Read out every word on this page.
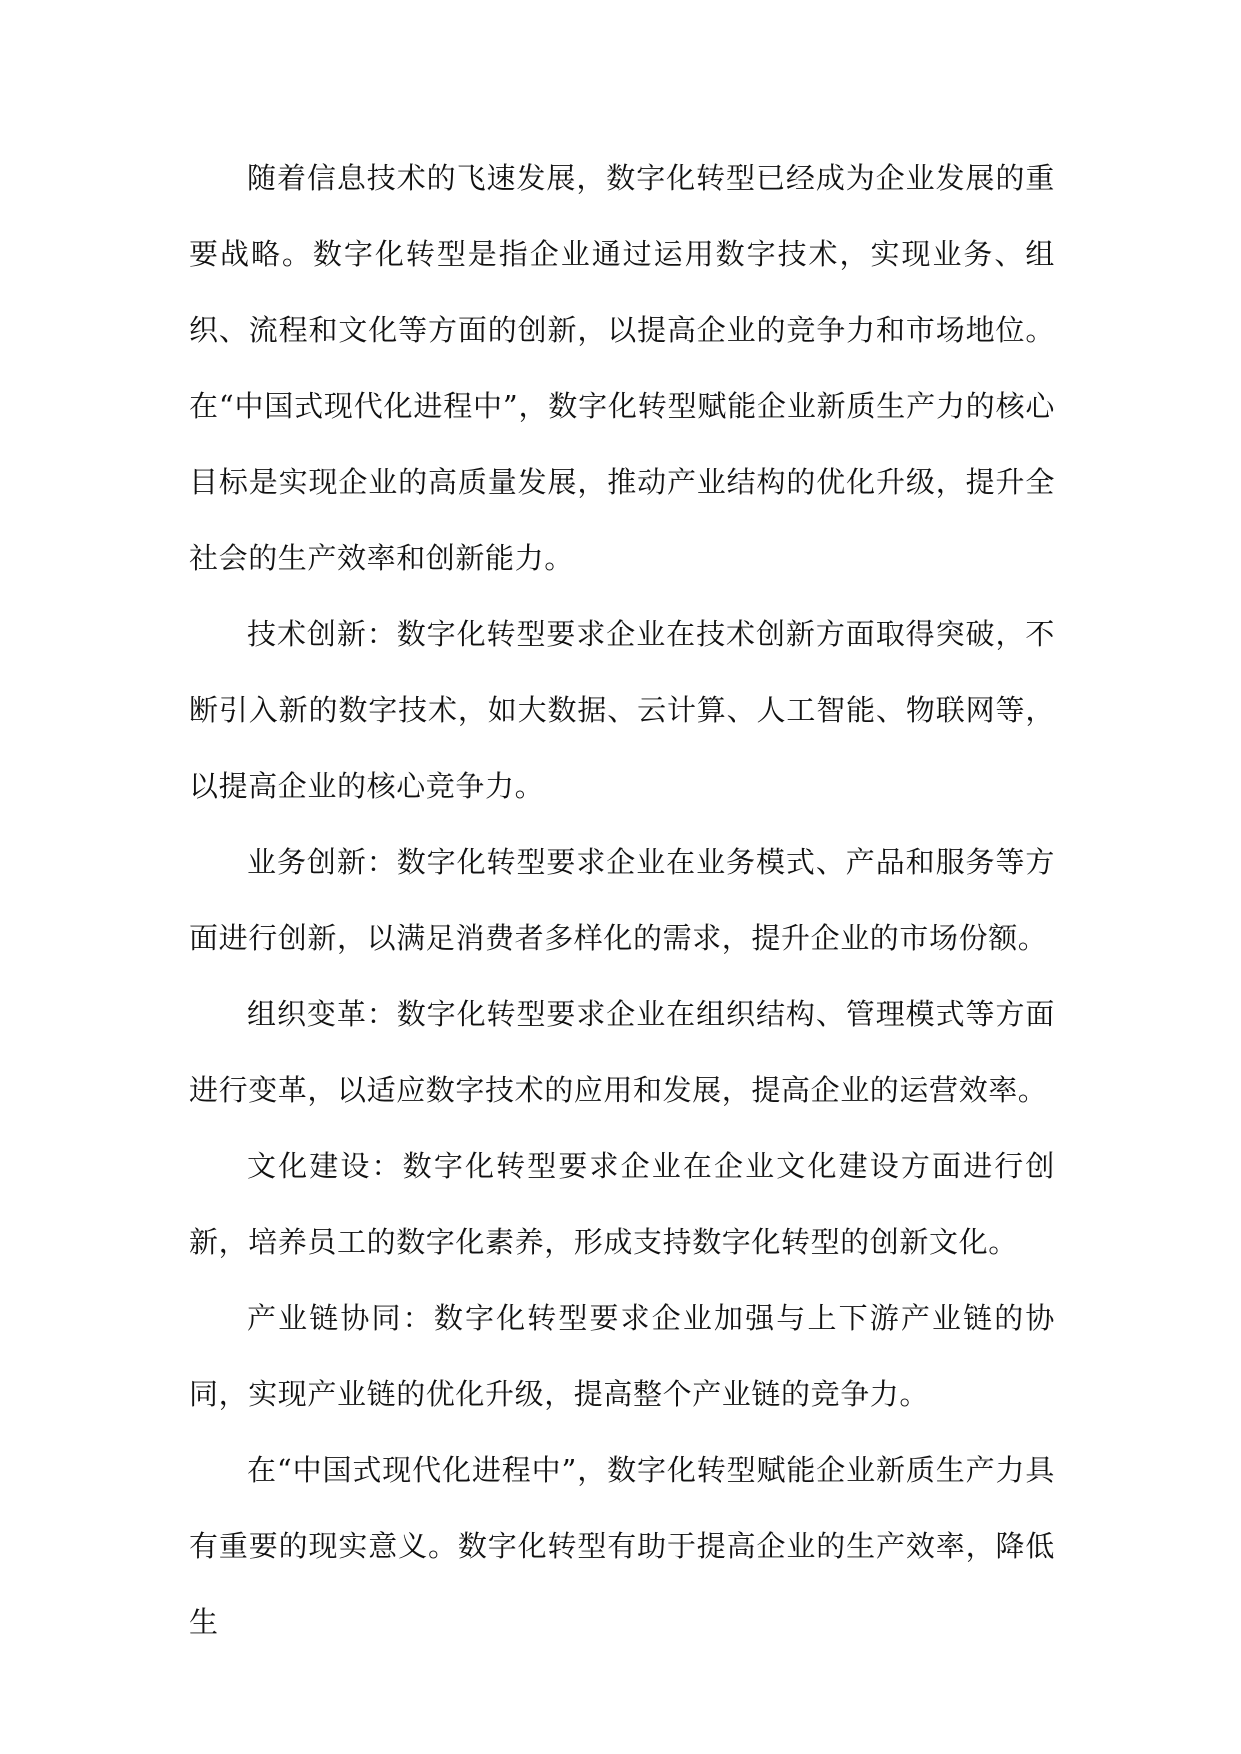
随着信息技术的飞速发展，数字化转型已经成为企业发展的重要战略。数字化转型是指企业通过运用数字技术，实现业务、组织、流程和文化等方面的创新，以提高企业的竞争力和市场地位。在“中国式现代化进程中”，数字化转型赋能企业新质生产力的核心目标是实现企业的高质量发展，推动产业结构的优化升级，提升全社会的生产效率和创新能力。

技术创新：数字化转型要求企业在技术创新方面取得突破，不断引入新的数字技术，如大数据、云计算、人工智能、物联网等，以提高企业的核心竞争力。

业务创新：数字化转型要求企业在业务模式、产品和服务等方面进行创新，以满足消费者多样化的需求，提升企业的市场份额。

组织变革：数字化转型要求企业在组织结构、管理模式等方面进行变革，以适应数字技术的应用和发展，提高企业的运营效率。

文化建设：数字化转型要求企业在企业文化建设方面进行创新，培养员工的数字化素养，形成支持数字化转型的创新文化。

产业链协同：数字化转型要求企业加强与上下游产业链的协同，实现产业链的优化升级，提高整个产业链的竞争力。

在“中国式现代化进程中”，数字化转型赋能企业新质生产力具有重要的现实意义。数字化转型有助于提高企业的生产效率，降低生
